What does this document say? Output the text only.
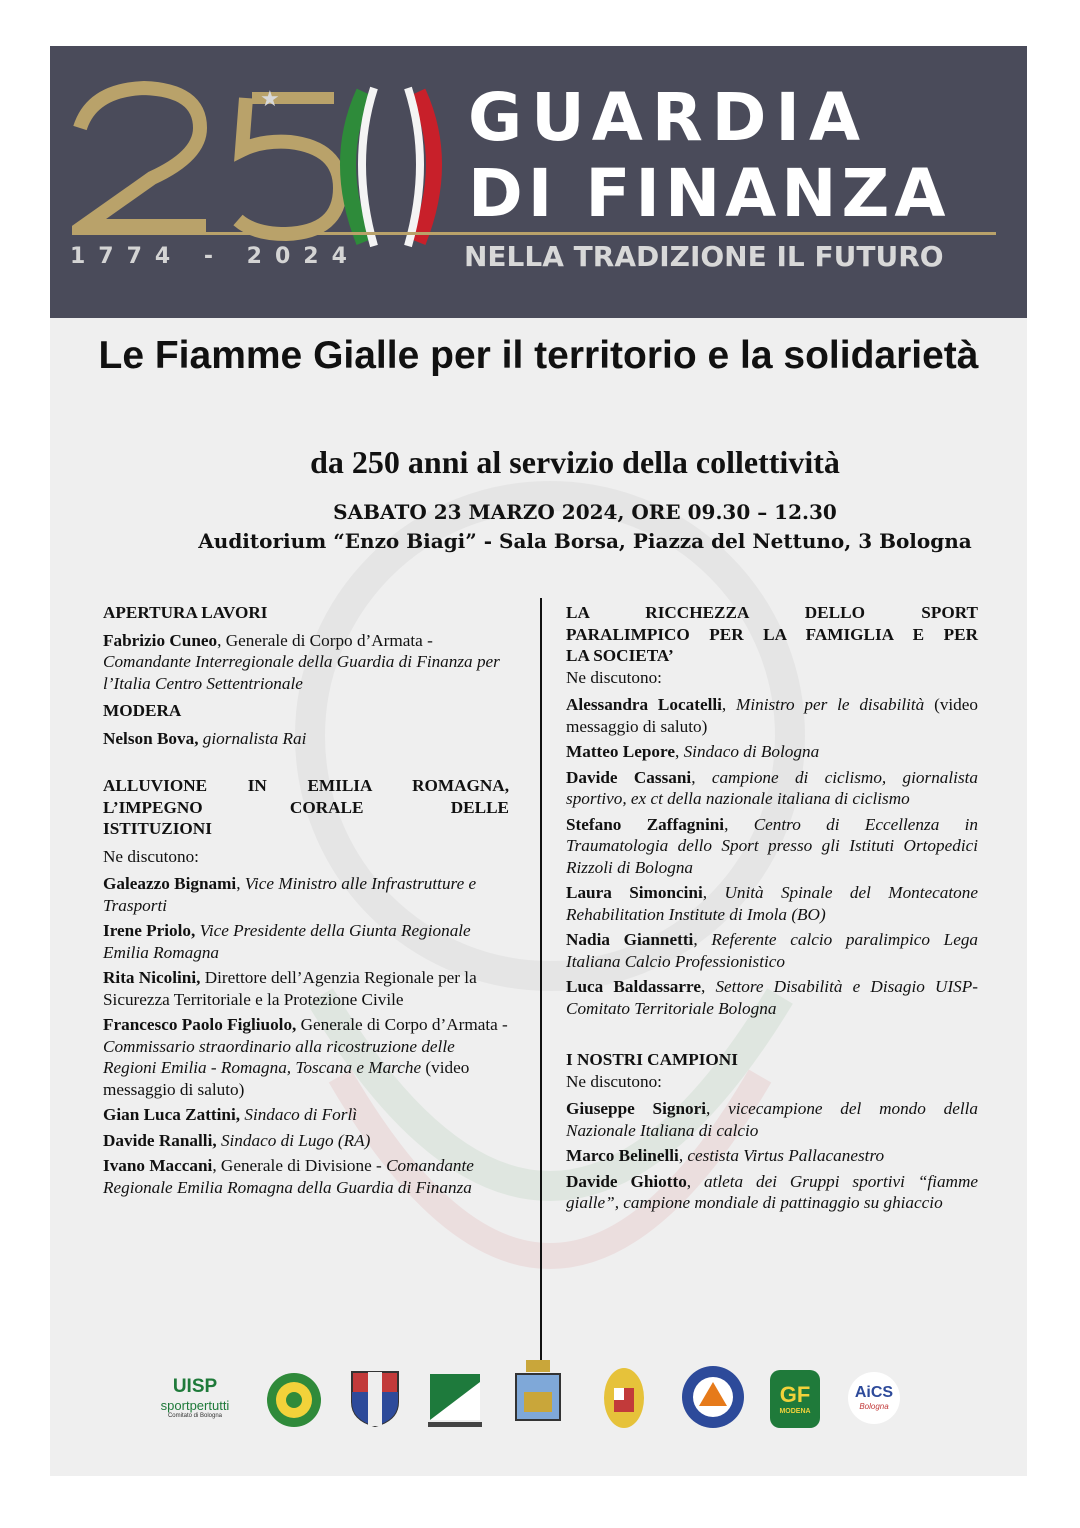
★	GUARDIA
DI FINANZA
1774 - 2024	NELLA TRADIZIONE IL FUTURO
Le Fiamme Gialle per il territorio e la solidarietà
da 250 anni al servizio della collettività
SABATO 23 MARZO 2024, ORE 09.30 – 12.30
Auditorium “Enzo Biagi” - Sala Borsa, Piazza del Nettuno, 3 Bologna
APERTURA LAVORI

Fabrizio Cuneo, Generale di Corpo d’Armata - Comandante Interregionale della Guardia di Finanza per l’Italia Centro Settentrionale

MODERA

Nelson Bova, giornalista Rai

ALLUVIONE IN EMILIA ROMAGNA,
L’IMPEGNO CORALE DELLE
ISTITUZIONI
Ne discutono:

Galeazzo Bignami, Vice Ministro alle Infrastrutture e Trasporti

Irene Priolo, Vice Presidente della Giunta Regionale Emilia Romagna

Rita Nicolini, Direttore dell’Agenzia Regionale per la Sicurezza Territoriale e la Protezione Civile

Francesco Paolo Figliuolo, Generale di Corpo d’Armata - Commissario straordinario alla ricostruzione delle Regioni Emilia - Romagna, Toscana e Marche (video messaggio di saluto)

Gian Luca Zattini, Sindaco di Forlì

Davide Ranalli, Sindaco di Lugo (RA)

Ivano Maccani, Generale di Divisione - Comandante Regionale Emilia Romagna della Guardia di Finanza

LA RICCHEZZA DELLO SPORT
PARALIMPICO PER LA FAMIGLIA E PER
LA SOCIETA’
Ne discutono:

Alessandra Locatelli, Ministro per le disabilità (video messaggio di saluto)

Matteo Lepore, Sindaco di Bologna

Davide Cassani, campione di ciclismo, giornalista sportivo, ex ct della nazionale italiana di ciclismo

Stefano Zaffagnini, Centro di Eccellenza in Traumatologia dello Sport presso gli Istituti Ortopedici Rizzoli di Bologna

Laura Simoncini, Unità Spinale del Montecatone Rehabilitation Institute di Imola (BO)

Nadia Giannetti, Referente calcio paralimpico Lega Italiana Calcio Professionistico

Luca Baldassarre, Settore Disabilità e Disagio UISP- Comitato Territoriale Bologna

I NOSTRI CAMPIONI
Ne discutono:

Giuseppe Signori, vicecampione del mondo della Nazionale Italiana di calcio

Marco Belinelli, cestista Virtus Pallacanestro

Davide Ghiotto, atleta dei Gruppi sportivi “fiamme gialle”, campione mondiale di pattinaggio su ghiaccio

UISP
sportpertutti
Comitato di Bologna
GF
MODENA
AiCS
Bologna
